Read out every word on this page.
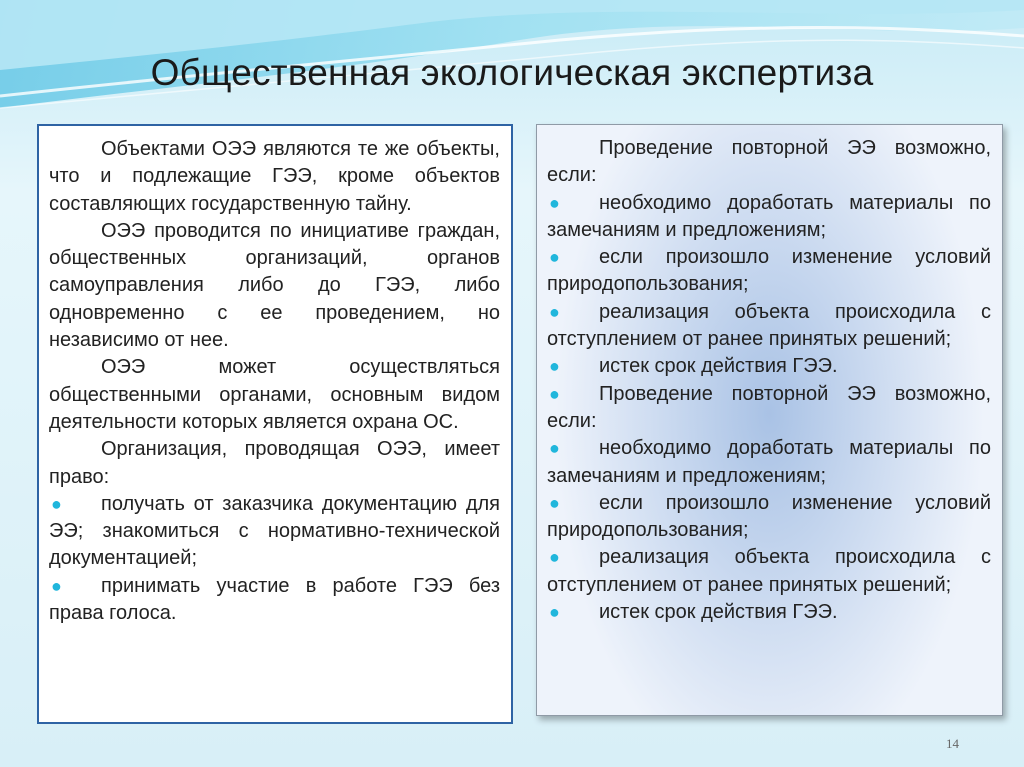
Общественная экологическая экспертиза

Объектами ОЭЭ являются те же объекты, что и подлежащие ГЭЭ, кроме объектов составляющих государственную тайну.

ОЭЭ проводится по инициативе граждан, общественных организаций, органов самоуправления либо до ГЭЭ, либо одновременно с ее проведением, но независимо от нее.

ОЭЭ может осуществляться общественными органами, основным видом деятельности которых является охрана ОС.

Организация, проводящая ОЭЭ, имеет право:

●	получать от заказчика документацию для ЭЭ; знакомиться с нормативно-технической документацией;
●	принимать участие в работе ГЭЭ без права голоса.
Проведение повторной ЭЭ возможно, если:
●	необходимо доработать материалы по замечаниям и предложениям;
●	если произошло изменение условий природопользования;
●	реализация объекта происходила с отступлением от ранее принятых решений;
●	истек срок действия ГЭЭ.
●	Проведение повторной ЭЭ возможно, если:
●	необходимо доработать материалы по замечаниям и предложениям;
●	если произошло изменение условий природопользования;
●	реализация объекта происходила с отступлением от ранее принятых решений;
●	истек срок действия ГЭЭ.
14
